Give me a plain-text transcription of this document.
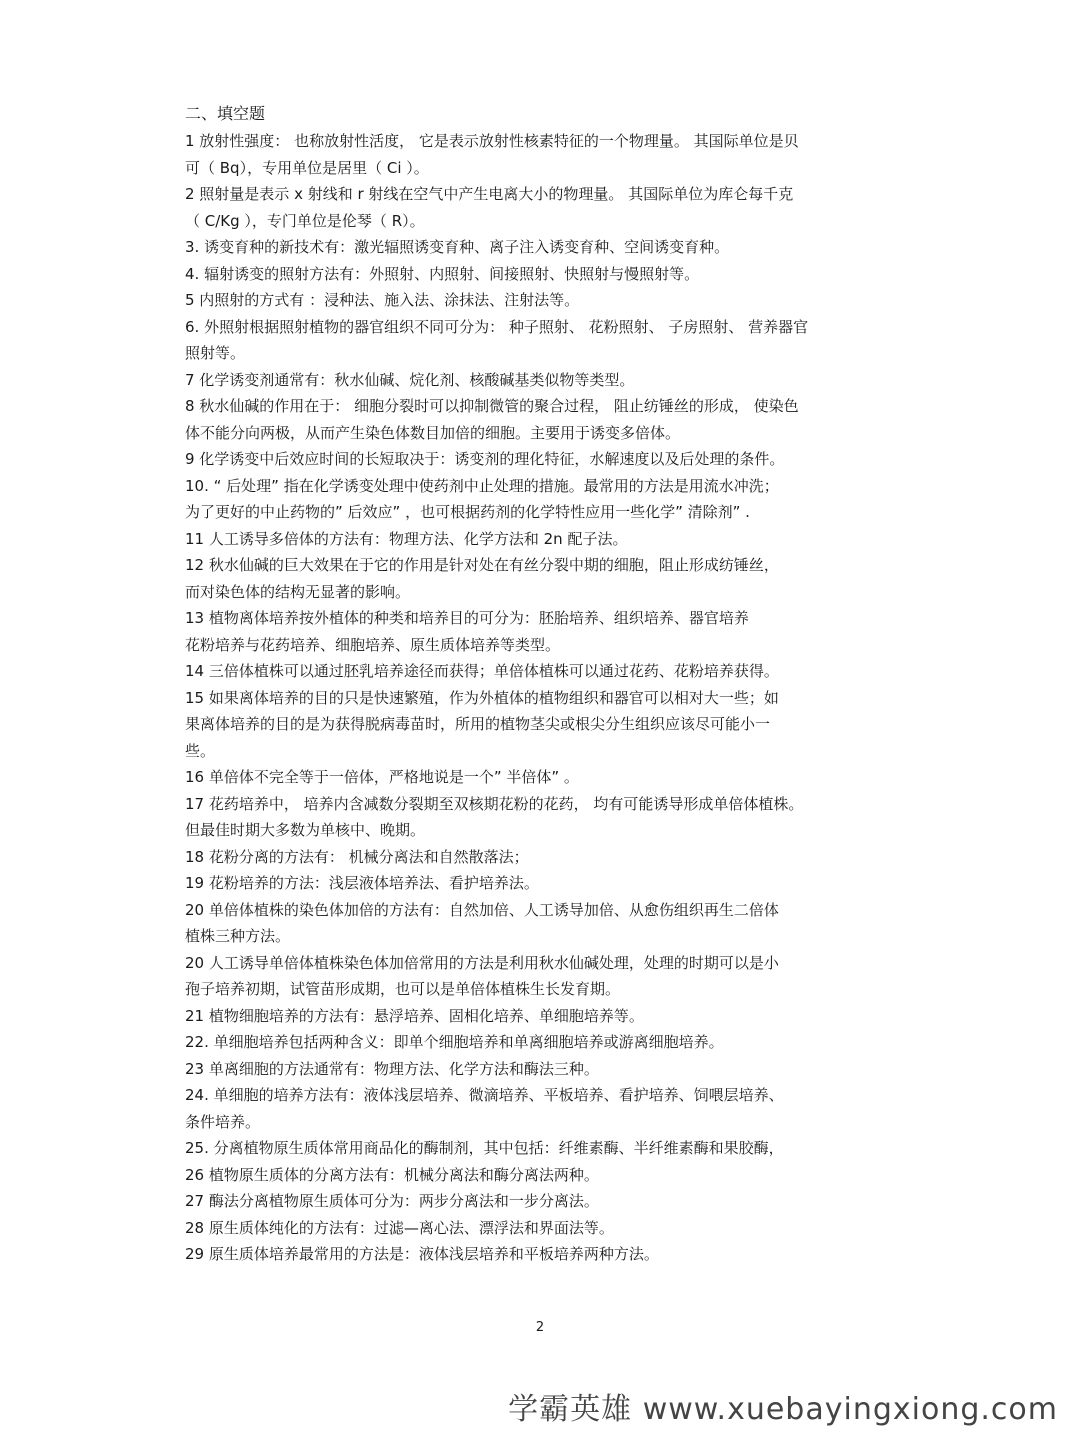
二、填空题
1 放射性强度： 也称放射性活度， 它是表示放射性核素特征的一个物理量。 其国际单位是贝
可（ Bq），专用单位是居里（ Ci ）。
2 照射量是表示 x 射线和 r 射线在空气中产生电离大小的物理量。 其国际单位为库仑每千克
（ C/Kg ），专门单位是伦琴（ R）。
3. 诱变育种的新技术有：激光辐照诱变育种、离子注入诱变育种、空间诱变育种。
4. 辐射诱变的照射方法有：外照射、内照射、间接照射、快照射与慢照射等。
5 内照射的方式有 ：浸种法、施入法、涂抹法、注射法等。
6. 外照射根据照射植物的器官组织不同可分为： 种子照射、 花粉照射、 子房照射、 营养器官
照射等。
7 化学诱变剂通常有：秋水仙碱、烷化剂、核酸碱基类似物等类型。
8 秋水仙碱的作用在于： 细胞分裂时可以抑制微管的聚合过程， 阻止纺锤丝的形成， 使染色
体不能分向两极，从而产生染色体数目加倍的细胞。主要用于诱变多倍体。
9 化学诱变中后效应时间的长短取决于：诱变剂的理化特征，水解速度以及后处理的条件。
10. “ 后处理” 指在化学诱变处理中使药剂中止处理的措施。最常用的方法是用流水冲洗；
为了更好的中止药物的” 后效应” ，也可根据药剂的化学特性应用一些化学” 清除剂” .
11 人工诱导多倍体的方法有：物理方法、化学方法和 2n 配子法。
12 秋水仙碱的巨大效果在于它的作用是针对处在有丝分裂中期的细胞，阻止形成纺锤丝，
而对染色体的结构无显著的影响。
13 植物离体培养按外植体的种类和培养目的可分为：胚胎培养、组织培养、器官培养
花粉培养与花药培养、细胞培养、原生质体培养等类型。
14 三倍体植株可以通过胚乳培养途径而获得；单倍体植株可以通过花药、花粉培养获得。
15 如果离体培养的目的只是快速繁殖，作为外植体的植物组织和器官可以相对大一些；如
果离体培养的目的是为获得脱病毒苗时，所用的植物茎尖或根尖分生组织应该尽可能小一
些。
16 单倍体不完全等于一倍体，严格地说是一个” 半倍体” 。
17 花药培养中， 培养内含减数分裂期至双核期花粉的花药， 均有可能诱导形成单倍体植株。
但最佳时期大多数为单核中、晚期。
18 花粉分离的方法有： 机械分离法和自然散落法；
19 花粉培养的方法：浅层液体培养法、看护培养法。
20 单倍体植株的染色体加倍的方法有：自然加倍、人工诱导加倍、从愈伤组织再生二倍体
植株三种方法。
20 人工诱导单倍体植株染色体加倍常用的方法是利用秋水仙碱处理，处理的时期可以是小
孢子培养初期，试管苗形成期，也可以是单倍体植株生长发育期。
21 植物细胞培养的方法有：悬浮培养、固相化培养、单细胞培养等。
22. 单细胞培养包括两种含义：即单个细胞培养和单离细胞培养或游离细胞培养。
23 单离细胞的方法通常有：物理方法、化学方法和酶法三种。
24. 单细胞的培养方法有：液体浅层培养、微滴培养、平板培养、看护培养、饲喂层培养、
条件培养。
25. 分离植物原生质体常用商品化的酶制剂，其中包括：纤维素酶、半纤维素酶和果胶酶，
26 植物原生质体的分离方法有：机械分离法和酶分离法两种。
27 酶法分离植物原生质体可分为：两步分离法和一步分离法。
28 原生质体纯化的方法有：过滤—离心法、漂浮法和界面法等。
29 原生质体培养最常用的方法是：液体浅层培养和平板培养两种方法。
2
学霸英雄 www.xuebayingxiong.com
